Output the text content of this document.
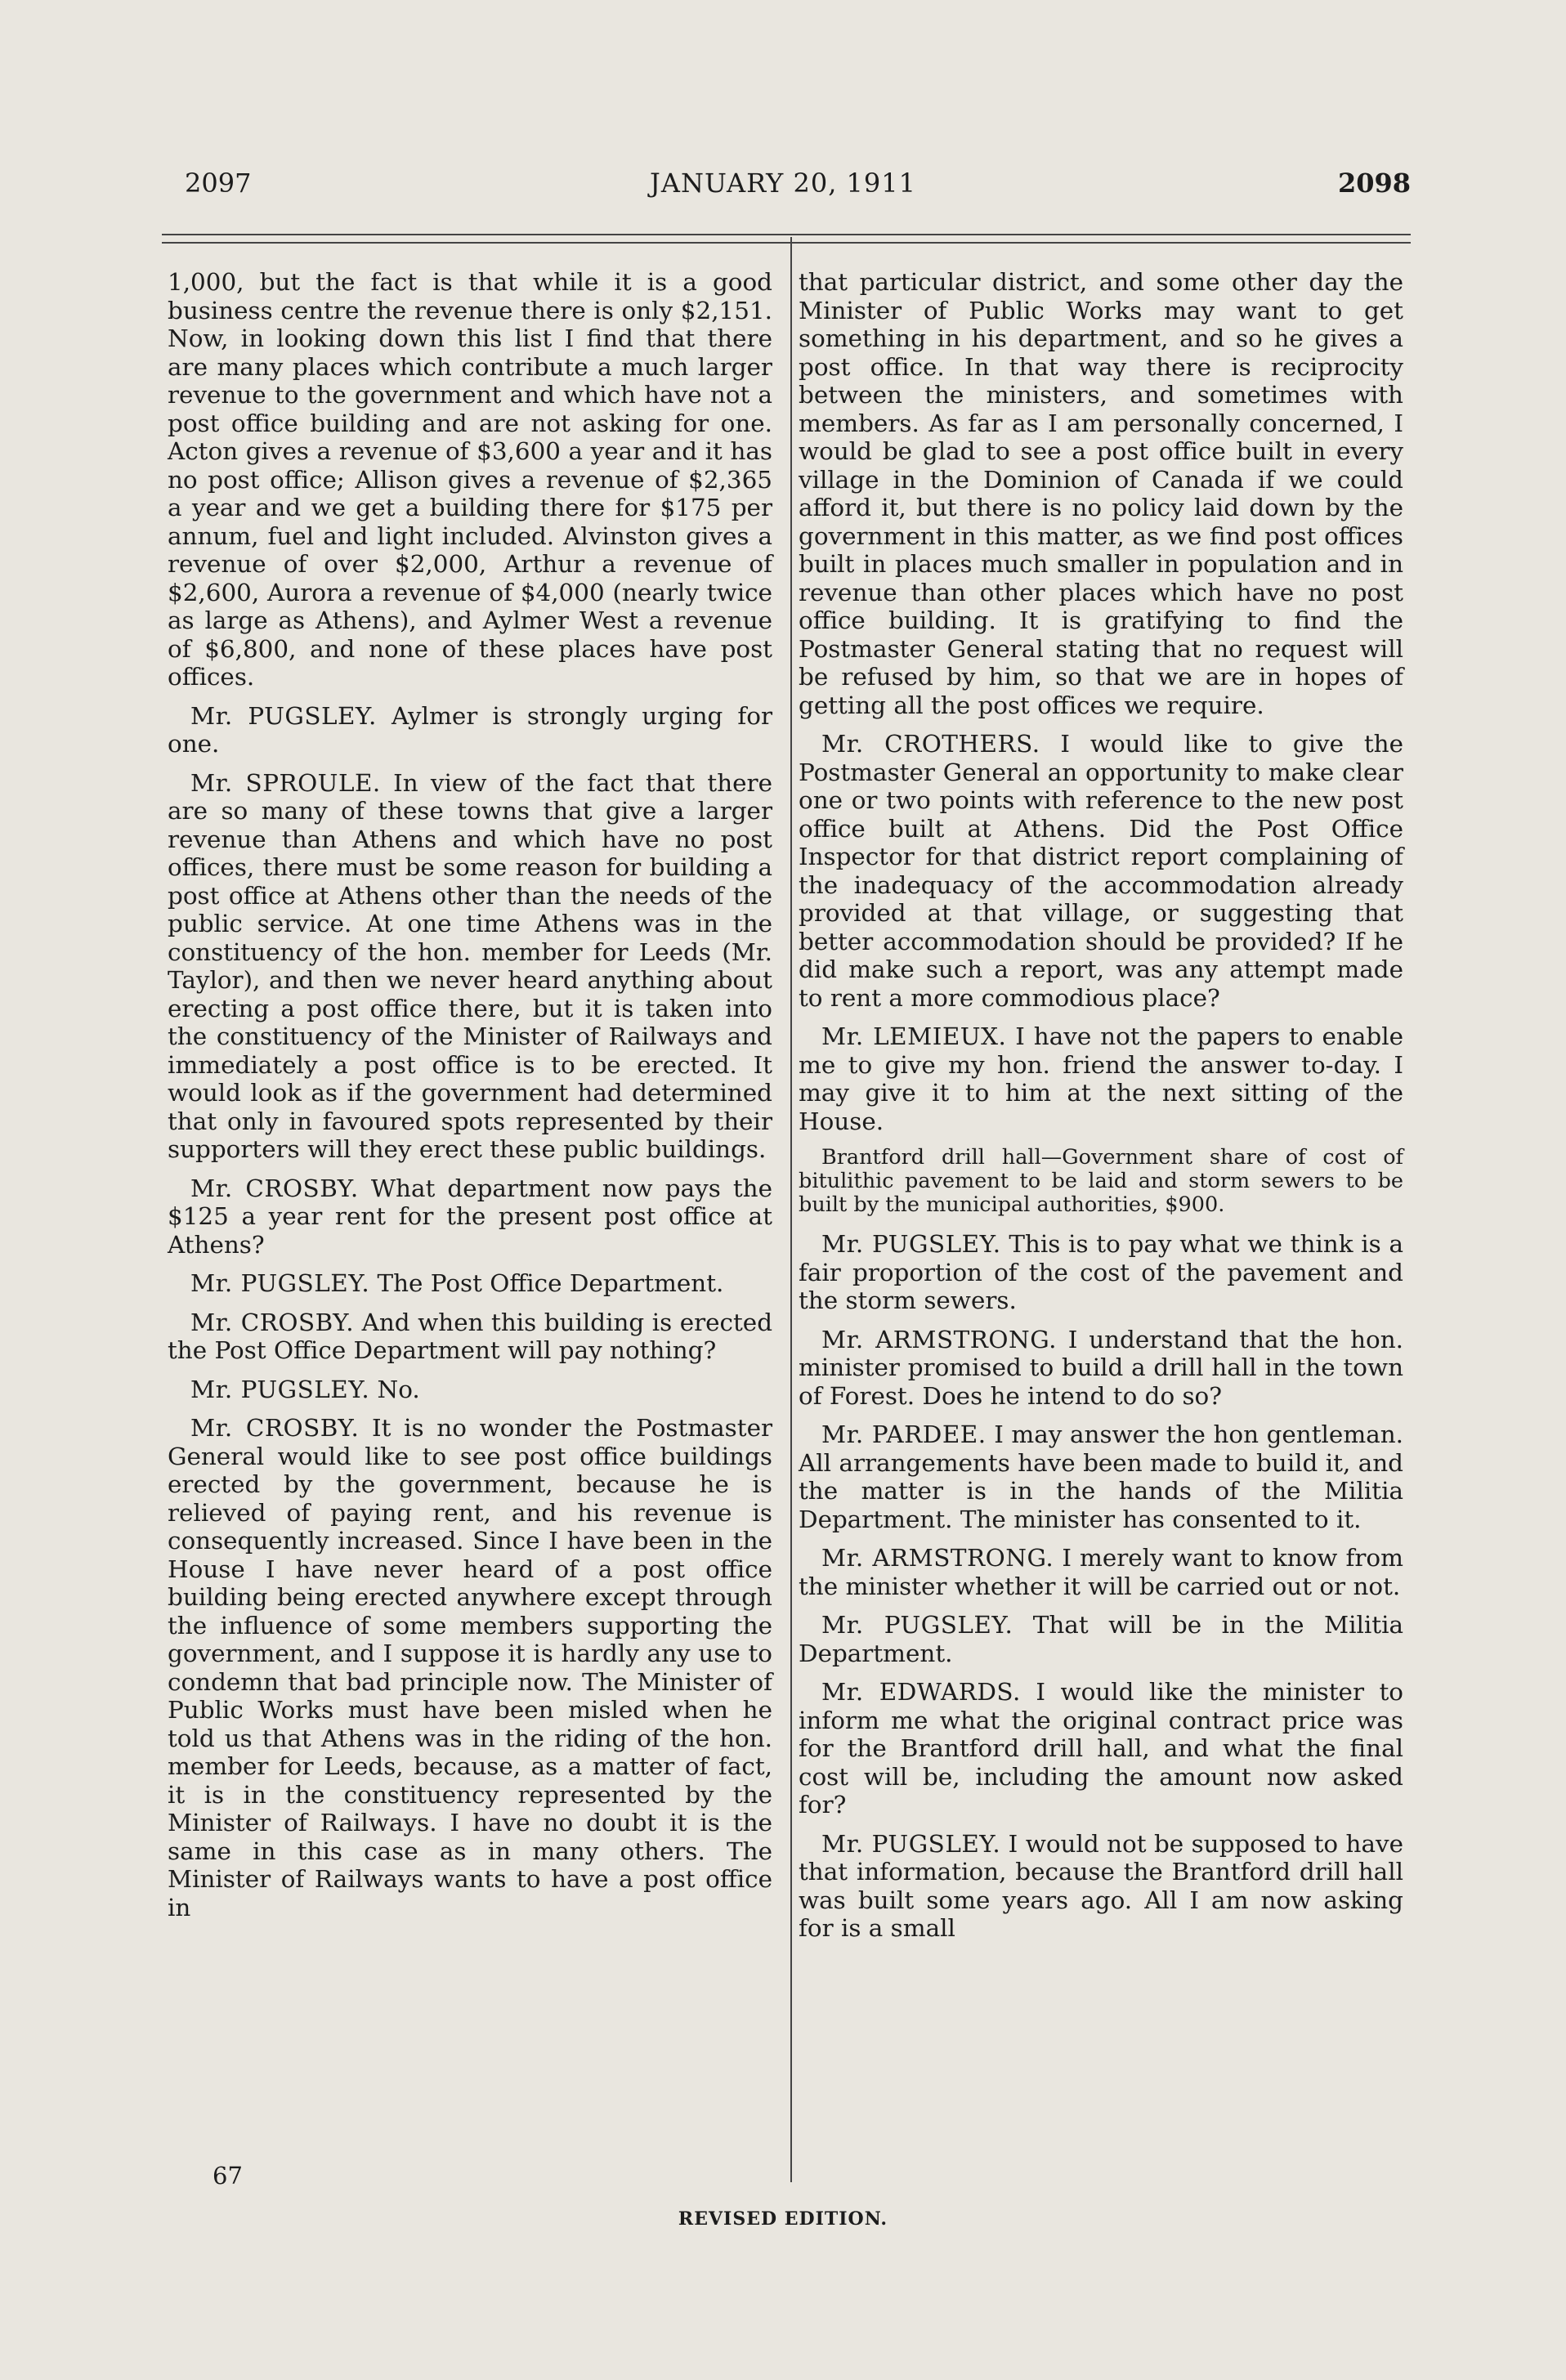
2097	JANUARY 20, 1911	2098

1,000, but the fact is that while it is a good business centre the revenue there is only $2,151. Now, in looking down this list I find that there are many places which contribute a much larger revenue to the government and which have not a post office building and are not asking for one. Acton gives a revenue of $3,600 a year and it has no post office; Allison gives a revenue of $2,365 a year and we get a building there for $175 per annum, fuel and light included. Alvinston gives a revenue of over $2,000, Arthur a revenue of $2,600, Aurora a revenue of $4,000 (nearly twice as large as Athens), and Aylmer West a revenue of $6,800, and none of these places have post offices.

Mr. PUGSLEY. Aylmer is strongly urging for one.

Mr. SPROULE. In view of the fact that there are so many of these towns that give a larger revenue than Athens and which have no post offices, there must be some reason for building a post office at Athens other than the needs of the public service. At one time Athens was in the constituency of the hon. member for Leeds (Mr. Taylor), and then we never heard anything about erecting a post office there, but it is taken into the constituency of the Minister of Railways and immediately a post office is to be erected. It would look as if the government had determined that only in favoured spots represented by their supporters will they erect these public buildings.

Mr. CROSBY. What department now pays the $125 a year rent for the present post office at Athens?

Mr. PUGSLEY. The Post Office Department.

Mr. CROSBY. And when this building is erected the Post Office Department will pay nothing?

Mr. PUGSLEY. No.

Mr. CROSBY. It is no wonder the Postmaster General would like to see post office buildings erected by the government, because he is relieved of paying rent, and his revenue is consequently increased. Since I have been in the House I have never heard of a post office building being erected anywhere except through the influence of some members supporting the government, and I suppose it is hardly any use to condemn that bad principle now. The Minister of Public Works must have been misled when he told us that Athens was in the riding of the hon. member for Leeds, because, as a matter of fact, it is in the constituency represented by the Minister of Railways. I have no doubt it is the same in this case as in many others. The Minister of Railways wants to have a post office in

that particular district, and some other day the Minister of Public Works may want to get something in his department, and so he gives a post office. In that way there is reciprocity between the ministers, and sometimes with members. As far as I am personally concerned, I would be glad to see a post office built in every village in the Dominion of Canada if we could afford it, but there is no policy laid down by the government in this matter, as we find post offices built in places much smaller in population and in revenue than other places which have no post office building. It is gratifying to find the Postmaster General stating that no request will be refused by him, so that we are in hopes of getting all the post offices we require.

Mr. CROTHERS. I would like to give the Postmaster General an opportunity to make clear one or two points with reference to the new post office built at Athens. Did the Post Office Inspector for that district report complaining of the inadequacy of the accommodation already provided at that village, or suggesting that better accommodation should be provided? If he did make such a report, was any attempt made to rent a more commodious place?

Mr. LEMIEUX. I have not the papers to enable me to give my hon. friend the answer to-day. I may give it to him at the next sitting of the House.

Brantford drill hall—Government share of cost of bitulithic pavement to be laid and storm sewers to be built by the municipal authorities, $900.

Mr. PUGSLEY. This is to pay what we think is a fair proportion of the cost of the pavement and the storm sewers.

Mr. ARMSTRONG. I understand that the hon. minister promised to build a drill hall in the town of Forest. Does he intend to do so?

Mr. PARDEE. I may answer the hon gentleman. All arrangements have been made to build it, and the matter is in the hands of the Militia Department. The minister has consented to it.

Mr. ARMSTRONG. I merely want to know from the minister whether it will be carried out or not.

Mr. PUGSLEY. That will be in the Militia Department.

Mr. EDWARDS. I would like the minister to inform me what the original contract price was for the Brantford drill hall, and what the final cost will be, including the amount now asked for?

Mr. PUGSLEY. I would not be supposed to have that information, because the Brantford drill hall was built some years ago. All I am now asking for is a small

67
REVISED EDITION.
